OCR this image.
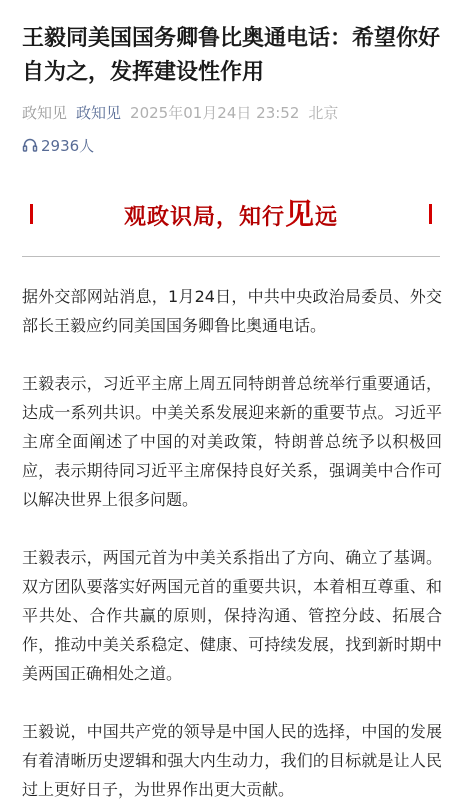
王毅同美国国务卿鲁比奥通电话：希望你好自为之，发挥建设性作用
政知见 政知见 2025年01月24日 23:52 北京
2936人
观政识局，知行见远

据外交部网站消息，1月24日，中共中央政治局委员、外交部长王毅应约同美国国务卿鲁比奥通电话。

王毅表示，习近平主席上周五同特朗普总统举行重要通话，达成一系列共识。中美关系发展迎来新的重要节点。习近平主席全面阐述了中国的对美政策，特朗普总统予以积极回应，表示期待同习近平主席保持良好关系，强调美中合作可以解决世界上很多问题。

王毅表示，两国元首为中美关系指出了方向、确立了基调。双方团队要落实好两国元首的重要共识，本着相互尊重、和平共处、合作共赢的原则，保持沟通、管控分歧、拓展合作，推动中美关系稳定、健康、可持续发展，找到新时期中美两国正确相处之道。

王毅说，中国共产党的领导是中国人民的选择，中国的发展有着清晰历史逻辑和强大内生动力，我们的目标就是让人民过上更好日子，为世界作出更大贡献。
